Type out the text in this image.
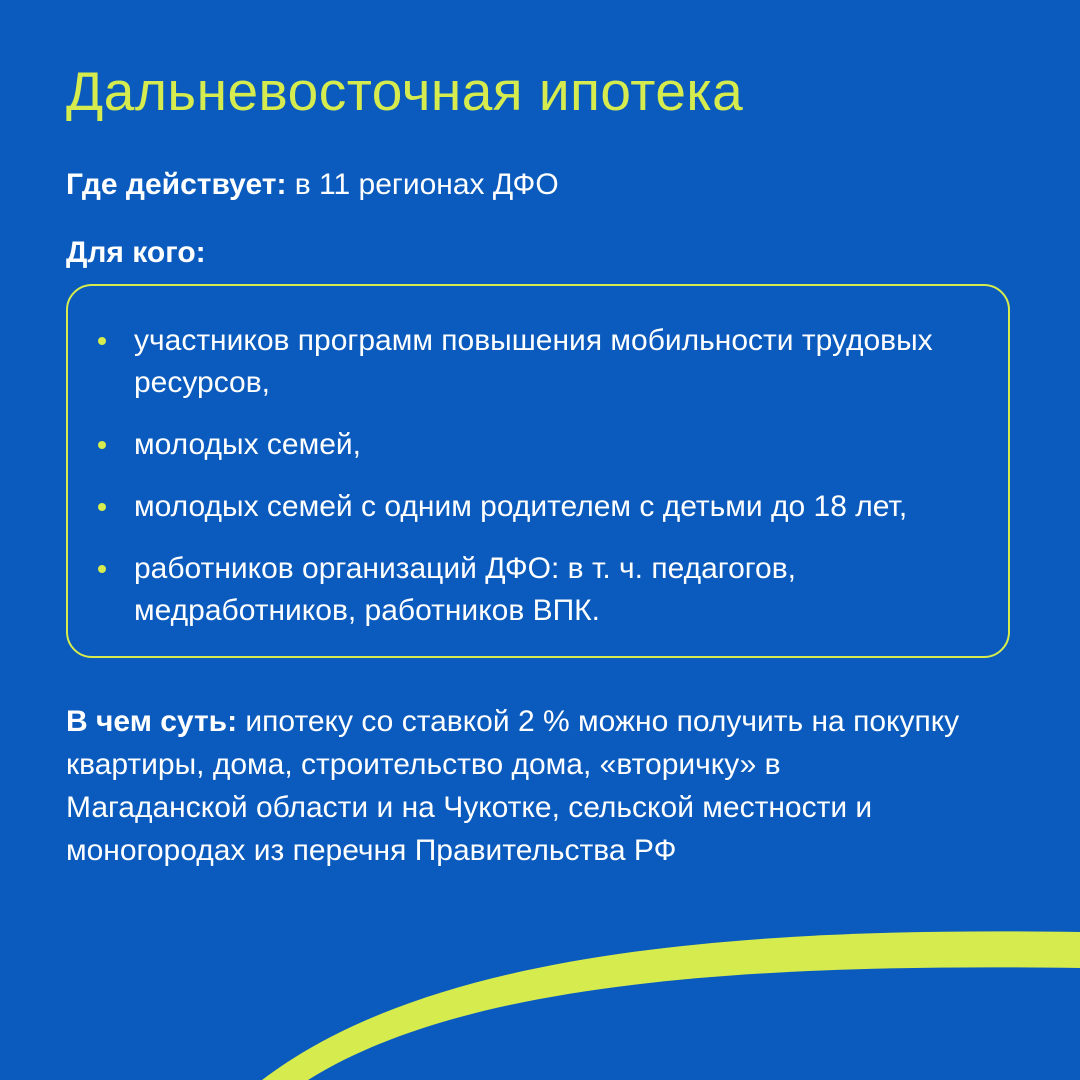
Дальневосточная ипотека

Где действует: в 11 регионах ДФО

Для кого:

участников программ повышения мобильности трудовых ресурсов,
молодых семей,
молодых семей с одним родителем с детьми до 18 лет,
работников организаций ДФО: в т. ч. педагогов, медработников, работников ВПК.

В чем суть: ипотеку со ставкой 2 % можно получить на покупку квартиры, дома, строительство дома, «вторичку» в Магаданской области и на Чукотке, сельской местности и моногородах из перечня Правительства РФ
